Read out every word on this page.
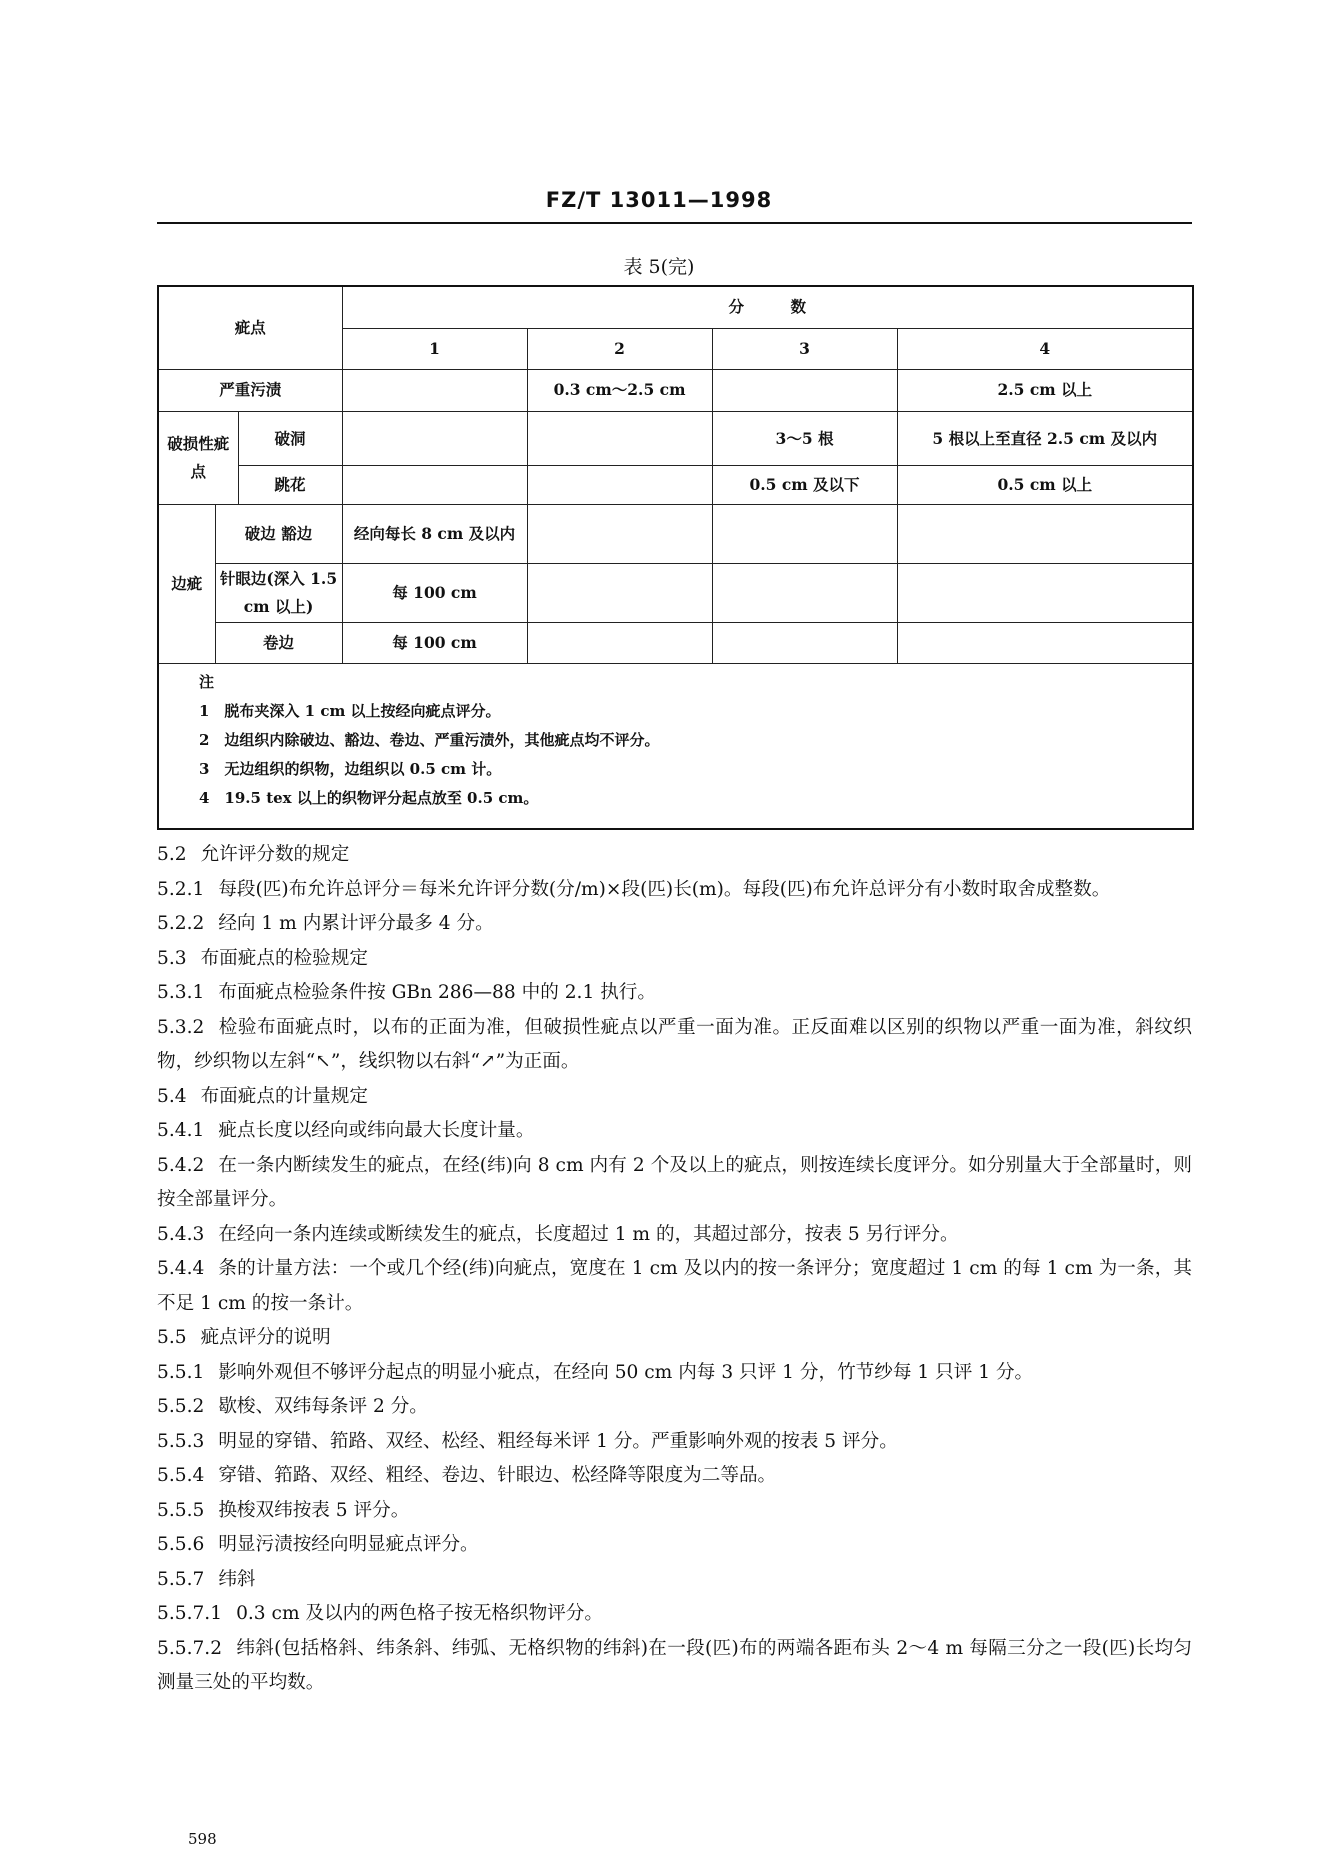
FZ/T 13011—1998
表 5(完)
疵点			分　　　数			
			1	2	3	4
严重污渍				0.3 cm～2.5 cm		2.5 cm 以上
破损性疵点		破洞			3～5 根	5 根以上至直径 2.5 cm 及以内
		跳花			0.5 cm 及以下	0.5 cm 以上
边疵	破边 豁边		经向每长 8 cm 及以内			
	针眼边(深入 1.5 cm 以上)		每 100 cm			
	卷边		每 100 cm			

注
1　脱布夹深入 1 cm 以上按经向疵点评分。
2　边组织内除破边、豁边、卷边、严重污渍外，其他疵点均不评分。
3　无边组织的织物，边组织以 0.5 cm 计。
4　19.5 tex 以上的织物评分起点放至 0.5 cm。						

5.2 允许评分数的规定

5.2.1 每段(匹)布允许总评分＝每米允许评分数(分/m)×段(匹)长(m)。每段(匹)布允许总评分有小数时取舍成整数。

5.2.2 经向 1 m 内累计评分最多 4 分。

5.3 布面疵点的检验规定

5.3.1 布面疵点检验条件按 GBn 286—88 中的 2.1 执行。

5.3.2 检验布面疵点时，以布的正面为准，但破损性疵点以严重一面为准。正反面难以区别的织物以严重一面为准，斜纹织物，纱织物以左斜“↖”，线织物以右斜“↗”为正面。

5.4 布面疵点的计量规定

5.4.1 疵点长度以经向或纬向最大长度计量。

5.4.2 在一条内断续发生的疵点，在经(纬)向 8 cm 内有 2 个及以上的疵点，则按连续长度评分。如分别量大于全部量时，则按全部量评分。

5.4.3 在经向一条内连续或断续发生的疵点，长度超过 1 m 的，其超过部分，按表 5 另行评分。

5.4.4 条的计量方法：一个或几个经(纬)向疵点，宽度在 1 cm 及以内的按一条评分；宽度超过 1 cm 的每 1 cm 为一条，其不足 1 cm 的按一条计。

5.5 疵点评分的说明

5.5.1 影响外观但不够评分起点的明显小疵点，在经向 50 cm 内每 3 只评 1 分，竹节纱每 1 只评 1 分。

5.5.2 歇梭、双纬每条评 2 分。

5.5.3 明显的穿错、筘路、双经、松经、粗经每米评 1 分。严重影响外观的按表 5 评分。

5.5.4 穿错、筘路、双经、粗经、卷边、针眼边、松经降等限度为二等品。

5.5.5 换梭双纬按表 5 评分。

5.5.6 明显污渍按经向明显疵点评分。

5.5.7 纬斜

5.5.7.1 0.3 cm 及以内的两色格子按无格织物评分。

5.5.7.2 纬斜(包括格斜、纬条斜、纬弧、无格织物的纬斜)在一段(匹)布的两端各距布头 2～4 m 每隔三分之一段(匹)长均匀测量三处的平均数。

598
